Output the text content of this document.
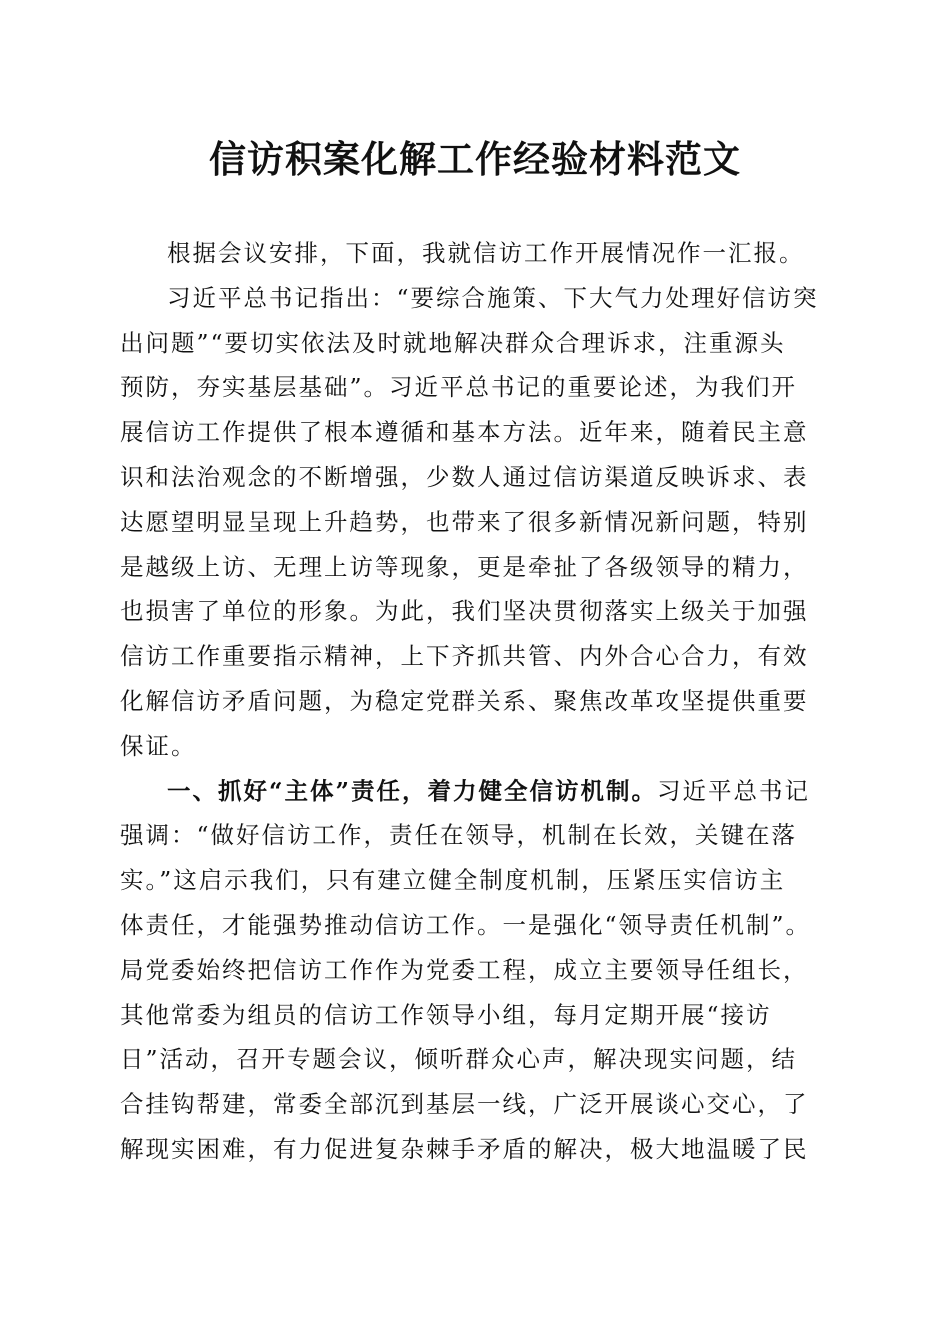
信访积案化解工作经验材料范文

根据会议安排，下面，我就信访工作开展情况作一汇报。

习近平总书记指出：“要综合施策、下大气力处理好信访突
出问题”“要切实依法及时就地解决群众合理诉求，注重源头
预防，夯实基层基础”。习近平总书记的重要论述，为我们开
展信访工作提供了根本遵循和基本方法。近年来，随着民主意
识和法治观念的不断增强，少数人通过信访渠道反映诉求、表
达愿望明显呈现上升趋势，也带来了很多新情况新问题，特别
是越级上访、无理上访等现象，更是牵扯了各级领导的精力，
也损害了单位的形象。为此，我们坚决贯彻落实上级关于加强
信访工作重要指示精神，上下齐抓共管、内外合心合力，有效
化解信访矛盾问题，为稳定党群关系、聚焦改革攻坚提供重要
保证。

一、抓好“主体”责任，着力健全信访机制。习近平总书记
强调：“做好信访工作，责任在领导，机制在长效，关键在落
实。”这启示我们，只有建立健全制度机制，压紧压实信访主
体责任，才能强势推动信访工作。一是强化“领导责任机制”。
局党委始终把信访工作作为党委工程，成立主要领导任组长，
其他常委为组员的信访工作领导小组，每月定期开展“接访
日”活动，召开专题会议，倾听群众心声，解决现实问题，结
合挂钩帮建，常委全部沉到基层一线，广泛开展谈心交心，了
解现实困难，有力促进复杂棘手矛盾的解决，极大地温暖了民
